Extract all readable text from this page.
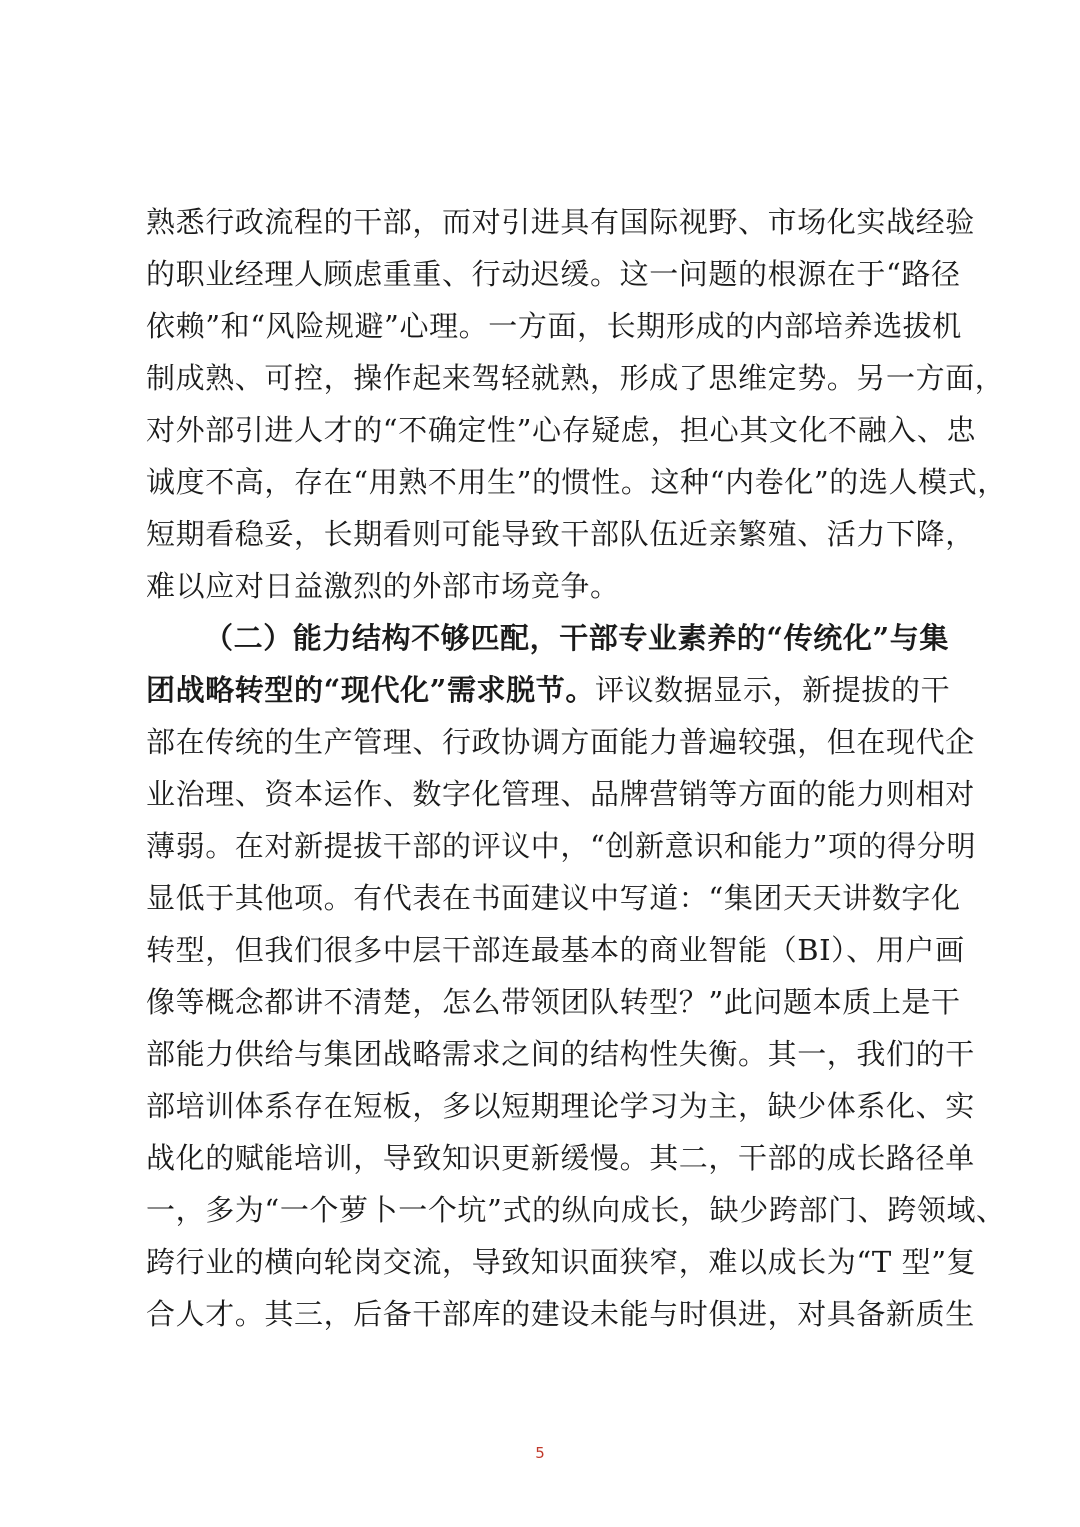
熟悉行政流程的干部，而对引进具有国际视野、市场化实战经验
的职业经理人顾虑重重、行动迟缓。这一问题的根源在于“路径
依赖”和“风险规避”心理。一方面，长期形成的内部培养选拔机
制成熟、可控，操作起来驾轻就熟，形成了思维定势。另一方面，
对外部引进人才的“不确定性”心存疑虑，担心其文化不融入、忠
诚度不高，存在“用熟不用生”的惯性。这种“内卷化”的选人模式，
短期看稳妥，长期看则可能导致干部队伍近亲繁殖、活力下降，
难以应对日益激烈的外部市场竞争。
（二）能力结构不够匹配，干部专业素养的“传统化”与集
团战略转型的“现代化”需求脱节。评议数据显示，新提拔的干
部在传统的生产管理、行政协调方面能力普遍较强，但在现代企
业治理、资本运作、数字化管理、品牌营销等方面的能力则相对
薄弱。在对新提拔干部的评议中，“创新意识和能力”项的得分明
显低于其他项。有代表在书面建议中写道：“集团天天讲数字化
转型，但我们很多中层干部连最基本的商业智能（BI）、用户画
像等概念都讲不清楚，怎么带领团队转型？”此问题本质上是干
部能力供给与集团战略需求之间的结构性失衡。其一，我们的干
部培训体系存在短板，多以短期理论学习为主，缺少体系化、实
战化的赋能培训，导致知识更新缓慢。其二，干部的成长路径单
一，多为“一个萝卜一个坑”式的纵向成长，缺少跨部门、跨领域、
跨行业的横向轮岗交流，导致知识面狭窄，难以成长为“T 型”复
合人才。其三，后备干部库的建设未能与时俱进，对具备新质生
5
